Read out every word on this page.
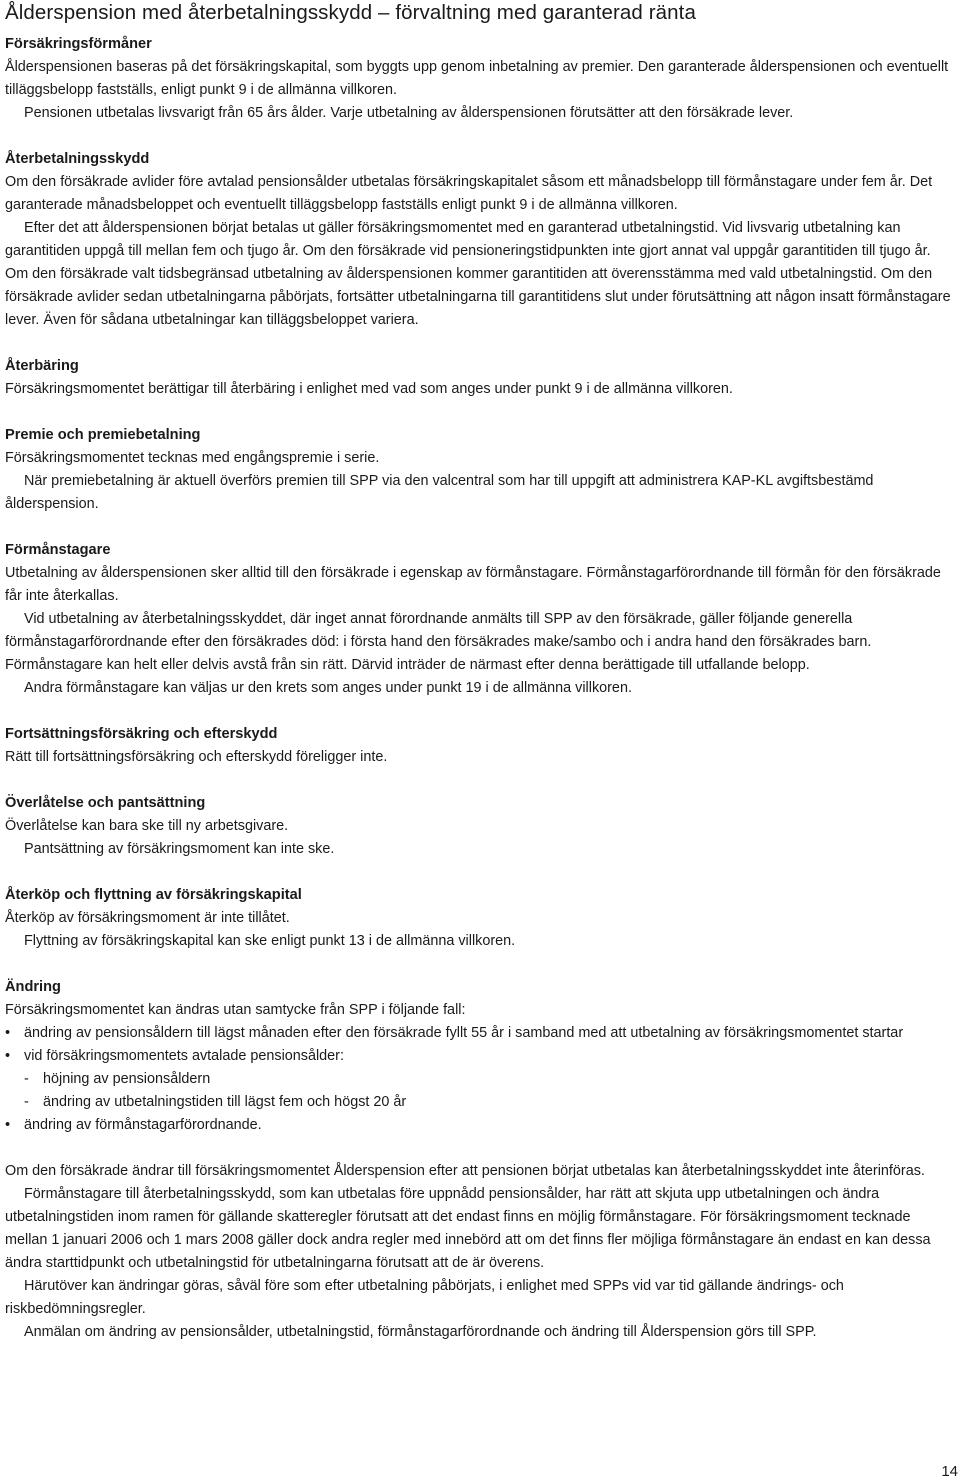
Ålderspension med återbetalningsskydd – förvaltning med garanterad ränta
Försäkringsförmåner

Ålderspensionen baseras på det försäkringskapital, som byggts upp genom inbetalning av premier. Den garanterade ålderspensionen och eventuellt tilläggsbelopp fastställs, enligt punkt 9 i de allmänna villkoren.

Pensionen utbetalas livsvarigt från 65 års ålder. Varje utbetalning av ålderspensionen förutsätter att den försäkrade lever.

Återbetalningsskydd

Om den försäkrade avlider före avtalad pensionsålder utbetalas försäkringskapitalet såsom ett månadsbelopp till förmånstagare under fem år. Det garanterade månadsbeloppet och eventuellt tilläggsbelopp fastställs enligt punkt 9 i de allmänna villkoren.

Efter det att ålderspensionen börjat betalas ut gäller försäkringsmomentet med en garanterad utbetalningstid. Vid livsvarig utbetalning kan garantitiden uppgå till mellan fem och tjugo år. Om den försäkrade vid pensioneringstidpunkten inte gjort annat val uppgår garantitiden till tjugo år. Om den försäkrade valt tidsbegränsad utbetalning av ålderspensionen kommer garantitiden att överensstämma med vald utbetalningstid. Om den försäkrade avlider sedan utbetalningarna påbörjats, fortsätter utbetalningarna till garantitidens slut under förutsättning att någon insatt förmånstagare lever. Även för sådana utbetalningar kan tilläggsbeloppet variera.

Återbäring

Försäkringsmomentet berättigar till återbäring i enlighet med vad som anges under punkt 9 i de allmänna villkoren.

Premie och premiebetalning

Försäkringsmomentet tecknas med engångspremie i serie.

När premiebetalning är aktuell överförs premien till SPP via den valcentral som har till uppgift att administrera KAP-KL avgiftsbestämd ålderspension.

Förmånstagare

Utbetalning av ålderspensionen sker alltid till den försäkrade i egenskap av förmånstagare. Förmånstagarförordnande till förmån för den försäkrade får inte återkallas.

Vid utbetalning av återbetalningsskyddet, där inget annat förordnande anmälts till SPP av den försäkrade, gäller följande generella förmånstagarförordnande efter den försäkrades död: i första hand den försäkrades make/sambo och i andra hand den försäkrades barn. Förmånstagare kan helt eller delvis avstå från sin rätt. Därvid inträder de närmast efter denna berättigade till utfallande belopp.

Andra förmånstagare kan väljas ur den krets som anges under punkt 19 i de allmänna villkoren.

Fortsättningsförsäkring och efterskydd

Rätt till fortsättningsförsäkring och efterskydd föreligger inte.

Överlåtelse och pantsättning

Överlåtelse kan bara ske till ny arbetsgivare.

Pantsättning av försäkringsmoment kan inte ske.

Återköp och flyttning av försäkringskapital

Återköp av försäkringsmoment är inte tillåtet.

Flyttning av försäkringskapital kan ske enligt punkt 13 i de allmänna villkoren.

Ändring

Försäkringsmomentet kan ändras utan samtycke från SPP i följande fall:

• ändring av pensionsåldern till lägst månaden efter den försäkrade fyllt 55 år i samband med att utbetalning av försäkringsmomentet startar
• vid försäkringsmomentets avtalade pensionsålder:
- höjning av pensionsåldern
- ändring av utbetalningstiden till lägst fem och högst 20 år
• ändring av förmånstagarförordnande.

Om den försäkrade ändrar till försäkringsmomentet Ålderspension efter att pensionen börjat utbetalas kan återbetalningsskyddet inte återinföras.

Förmånstagare till återbetalningsskydd, som kan utbetalas före uppnådd pensionsålder, har rätt att skjuta upp utbetalningen och ändra utbetalningstiden inom ramen för gällande skatteregler förutsatt att det endast finns en möjlig förmånstagare. För försäkringsmoment tecknade mellan 1 januari 2006 och 1 mars 2008 gäller dock andra regler med innebörd att om det finns fler möjliga förmånstagare än endast en kan dessa ändra starttidpunkt och utbetalningstid för utbetalningarna förutsatt att de är överens.

Härutöver kan ändringar göras, såväl före som efter utbetalning påbörjats, i enlighet med SPPs vid var tid gällande ändrings- och riskbedömningsregler.

Anmälan om ändring av pensionsålder, utbetalningstid, förmånstagarförordnande och ändring till Ålderspension görs till SPP.

14
